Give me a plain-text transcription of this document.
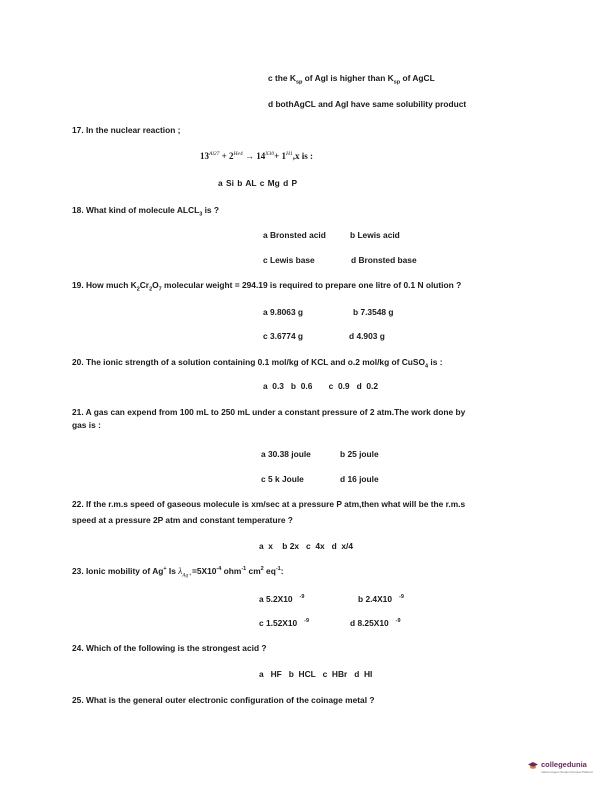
c the $K_{sp}$ of AgI is higher than $K_{sp}$ of AgCL
d bothAgCL and AgI have same solubility product
17. In the nuclear reaction ;
$13^{Al27} + 2^{He4} \to 14^{X30}+ 1^{H1},x$ is :
a Si b AL c Mg d P
18. What kind of molecule $ALCL_3$ is ?
a Bronsted acid	b Lewis acid
c Lewis base	d Bronsted base
19. How much $K_2Cr_2O_7$ molecular weight = 294.19 is required to prepare one litre of 0.1 N olution ?
a 9.8063 g	b 7.3548 g
c 3.6774 g	d 4.903 g
20. The ionic strength of a solution containing 0.1 mol/kg of KCL and o.2 mol/kg of CuSO$_4$ is :
a  0.3   b  0.6       c  0.9   d  0.2
21. A gas can expend from 100 mL to 250 mL under a constant pressure of 2 atm.The work done by
gas is :
a 30.38 joule	b 25 joule
c 5 k Joule	d 16 joule
22. If the r.m.s speed of gaseous molecule is xm/sec at a pressure P atm,then what will be the r.m.s
speed at a pressure 2P atm and constant temperature ?
a  x    b 2x   c  4x   d  x/4
23. Ionic mobility of Ag+ Is $\lambda_{Ag+}=5X10^{-4}$ ohm$^{-1}$ $cm^2$ $eq^{-1}$:
a 5.2X10 $^{-9}$	b 2.4X10 $^{-9}$
c 1.52X10 $^{-9}$	d 8.25X10 $^{-9}$
24. Which of the following is the strongest acid ?
a   HF   b  HCL   c  HBr   d  HI
25. What is the general outer electronic configuration of the coinage metal ?
collegedunia
India's largest Student Review Platform
